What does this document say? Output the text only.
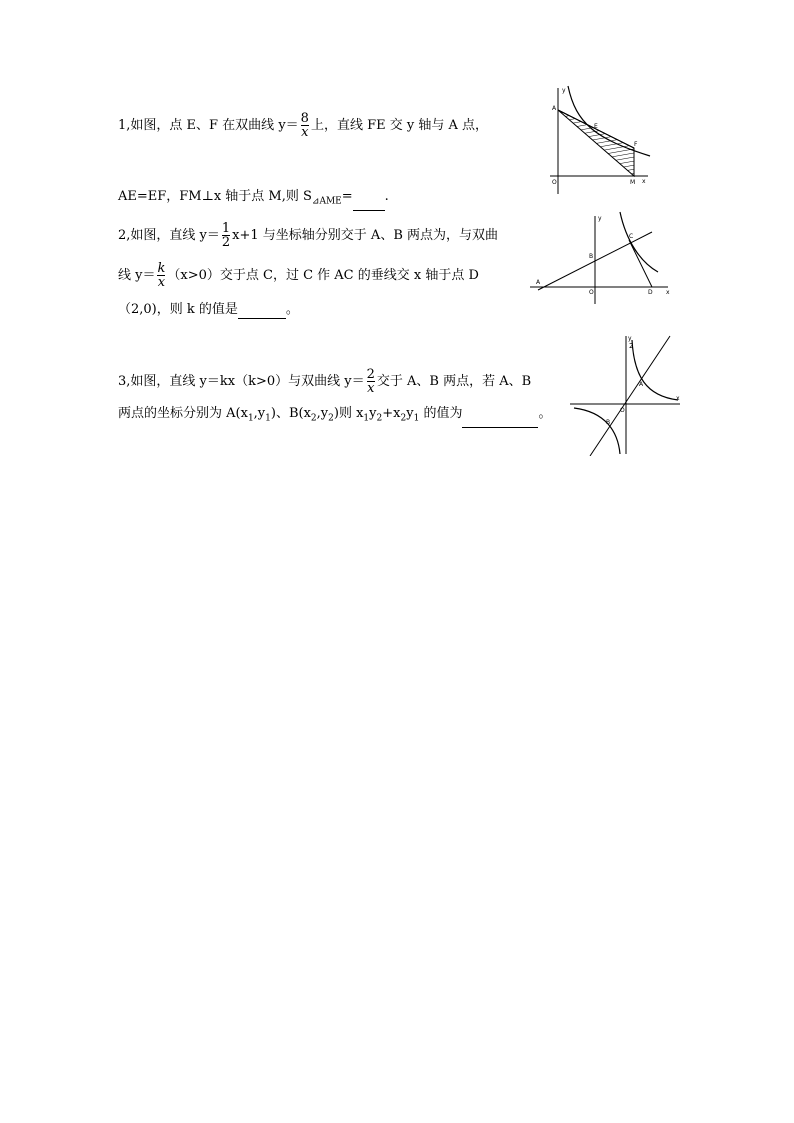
1,如图，点 E、F 在双曲线 $y= \frac{8}{x}$ 上，直线 FE 交 y 轴与 A 点，
AE=EF，FM⊥x 轴于点 M,则 $S_{⊿AME}=$ .
y
A
E
F
O	M x
2,如图，直线 $y= \frac{1}{2} x+1$ 与坐标轴分别交于 A、B 两点为，与双曲
线 $y= \frac{k}{x} (x>0)$交于点 C，过 C 作 AC 的垂线交 x 轴于点 D
（2,0)，则 k 的值是	。
y
B
C
A
O	D x
3,如图，直线 y＝kx（k>0）与双曲线 $y= \frac{2}{x}$ 交于 A、B 两点，若 A、B
两点的坐标分别为 $A(x_1,y_1)$、$B(x_2,y_2)$则 $x_1y_2+x_2y_1$ 的值为	。
y
2
A
O
B
x
